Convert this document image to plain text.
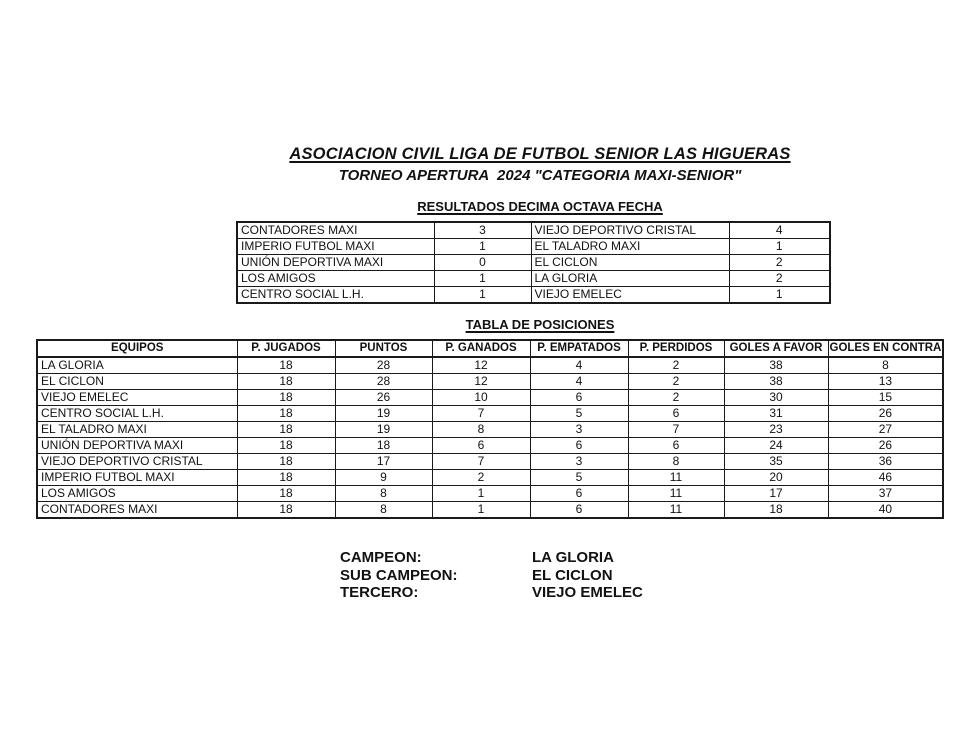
ASOCIACION CIVIL LIGA DE FUTBOL SENIOR LAS HIGUERAS
TORNEO APERTURA  2024 "CATEGORIA MAXI-SENIOR"
RESULTADOS DECIMA OCTAVA FECHA
CONTADORES MAXI	3	VIEJO DEPORTIVO CRISTAL	4
IMPERIO FUTBOL MAXI	1	EL TALADRO MAXI	1
UNIÓN DEPORTIVA MAXI	0	EL CICLON	2
LOS AMIGOS	1	LA GLORIA	2
CENTRO SOCIAL L.H.	1	VIEJO EMELEC	1
TABLA DE POSICIONES
EQUIPOS	P. JUGADOS	PUNTOS	P. GANADOS	P. EMPATADOS	P. PERDIDOS	GOLES A FAVOR	GOLES EN CONTRA
LA GLORIA	18	28	12	4	2	38	8
EL CICLON	18	28	12	4	2	38	13
VIEJO EMELEC	18	26	10	6	2	30	15
CENTRO SOCIAL L.H.	18	19	7	5	6	31	26
EL TALADRO MAXI	18	19	8	3	7	23	27
UNIÓN DEPORTIVA MAXI	18	18	6	6	6	24	26
VIEJO DEPORTIVO CRISTAL	18	17	7	3	8	35	36
IMPERIO FUTBOL MAXI	18	9	2	5	11	20	46
LOS AMIGOS	18	8	1	6	11	17	37
CONTADORES MAXI	18	8	1	6	11	18	40
CAMPEON:	LA GLORIA
SUB CAMPEON:	EL CICLON
TERCERO:	VIEJO EMELEC
